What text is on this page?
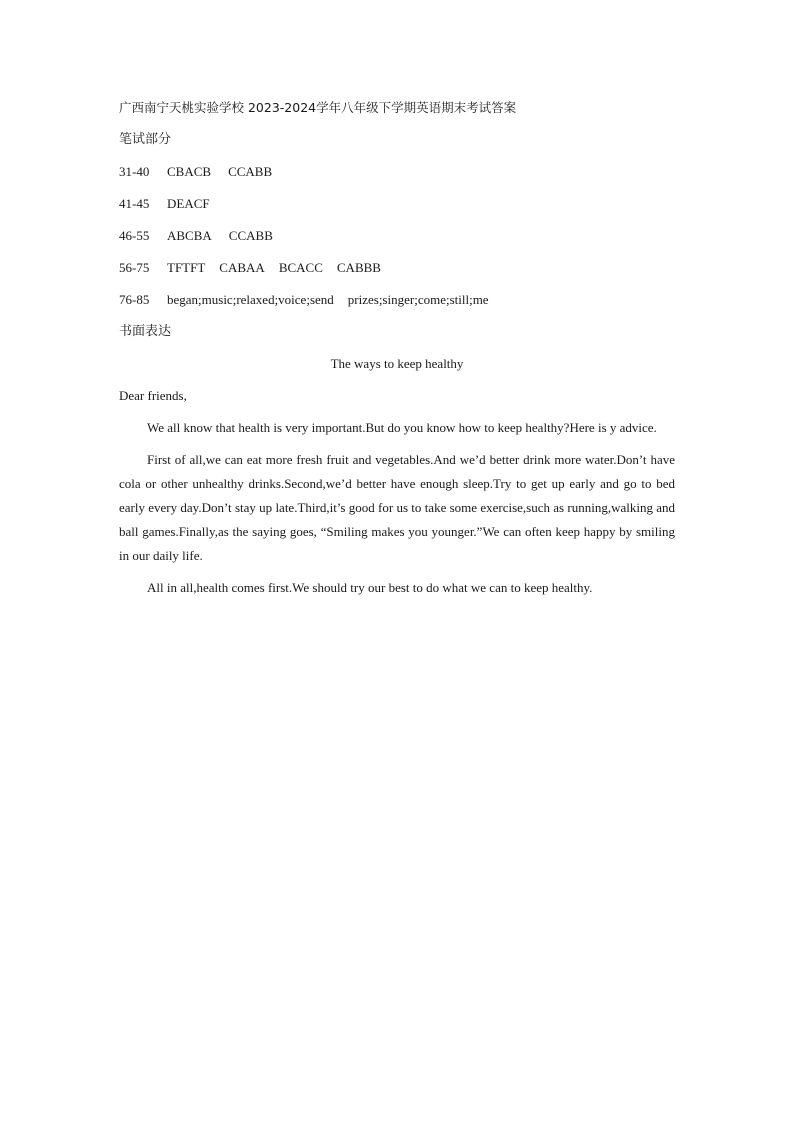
广西南宁天桃实验学校 2023-2024学年八年级下学期英语期末考试答案
笔试部分
31-40 CBACB CCABB
41-45 DEACF
46-55 ABCBA CCABB
56-75 TFTFT CABAA BCACC CABBB
76-85 began;music;relaxed;voice;send prizes;singer;come;still;me
书面表达
The ways to keep healthy
Dear friends,

We all know that health is very important.But do you know how to keep healthy?Here is y advice.

First of all,we can eat more fresh fruit and vegetables.And we’d better drink more water.Don’t have cola or other unhealthy drinks.Second,we’d better have enough sleep.Try to get up early and go to bed early every day.Don’t stay up late.Third,it’s good for us to take some exercise,such as running,walking and ball games.Finally,as the saying goes, “Smiling makes you younger.”We can often keep happy by smiling in our daily life.

All in all,health comes first.We should try our best to do what we can to keep healthy.
